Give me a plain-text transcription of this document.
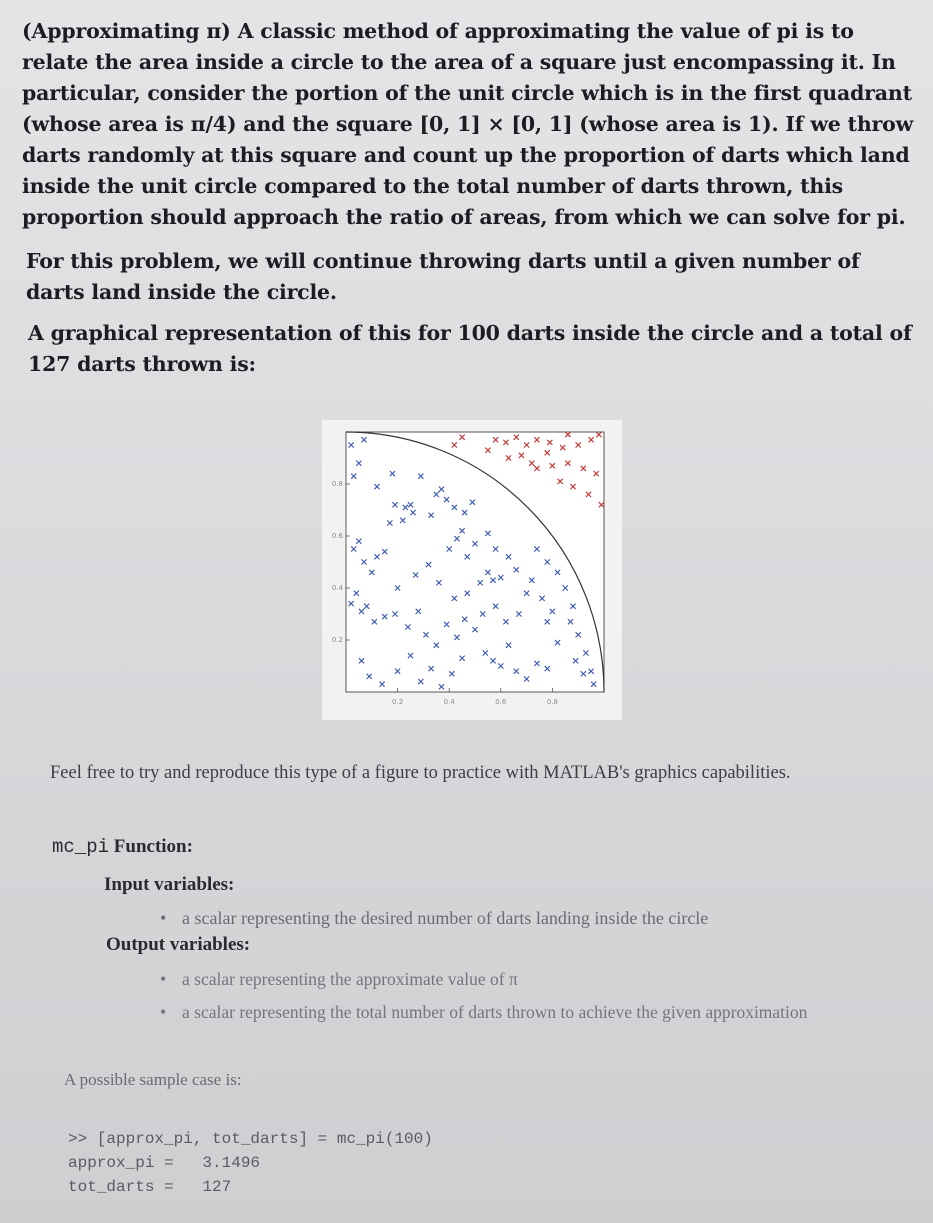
(Approximating π) A classic method of approximating the value of pi is to relate the area inside a circle to the area of a square just encompassing it. In particular, consider the portion of the unit circle which is in the first quadrant (whose area is π/4) and the square [0, 1] × [0, 1] (whose area is 1). If we throw darts randomly at this square and count up the proportion of darts which land inside the unit circle compared to the total number of darts thrown, this proportion should approach the ratio of areas, from which we can solve for pi.
For this problem, we will continue throwing darts until a given number of darts land inside the circle.
A graphical representation of this for 100 darts inside the circle and a total of 127 darts thrown is:
0.2	0.4	0.6	0.8
0.2
0.4
0.6
0.8
Feel free to try and reproduce this type of a figure to practice with MATLAB's graphics capabilities.
mc_pi Function:
Input variables:
• a scalar representing the desired number of darts landing inside the circle
Output variables:
• a scalar representing the approximate value of π
• a scalar representing the total number of darts thrown to achieve the given approximation
A possible sample case is:
>> [approx_pi, tot_darts] = mc_pi(100)
approx_pi =   3.1496
tot_darts =   127
